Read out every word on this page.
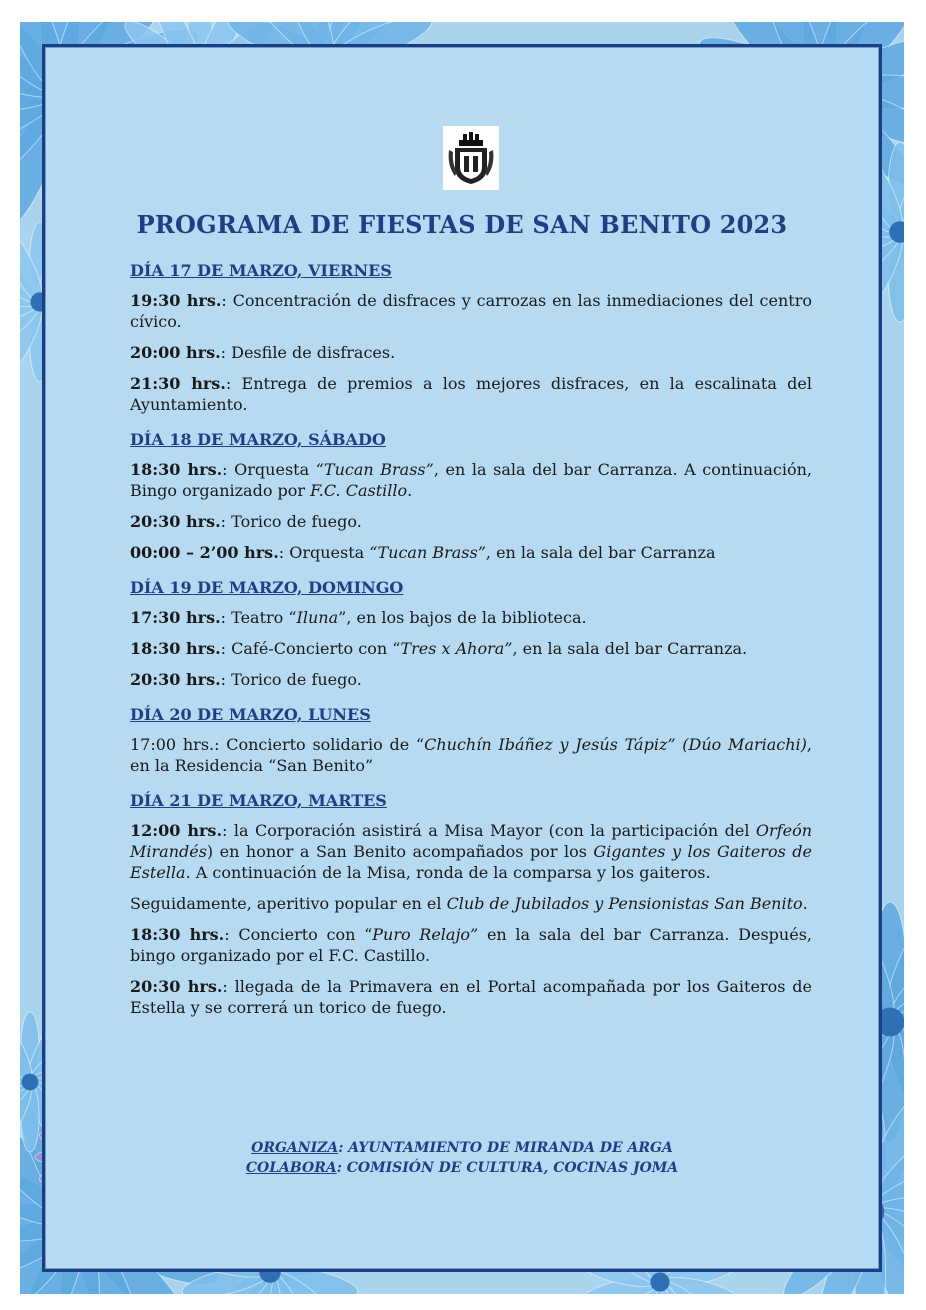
PROGRAMA DE FIESTAS DE SAN BENITO 2023
DÍA 17 DE MARZO, VIERNES

19:30 hrs.: Concentración de disfraces y carrozas en las inmediaciones del centro cívico.

20:00 hrs.: Desfile de disfraces.

21:30 hrs.: Entrega de premios a los mejores disfraces, en la escalinata del Ayuntamiento.

DÍA 18 DE MARZO, SÁBADO

18:30 hrs.: Orquesta “Tucan Brass”, en la sala del bar Carranza. A continuación, Bingo organizado por F.C. Castillo.

20:30 hrs.: Torico de fuego.

00:00 – 2’00 hrs.: Orquesta “Tucan Brass”, en la sala del bar Carranza

DÍA 19 DE MARZO, DOMINGO

17:30 hrs.: Teatro “Iluna”, en los bajos de la biblioteca.

18:30 hrs.: Café-Concierto con “Tres x Ahora”, en la sala del bar Carranza.

20:30 hrs.: Torico de fuego.

DÍA 20 DE MARZO, LUNES

17:00 hrs.: Concierto solidario de “Chuchín Ibáñez y Jesús Tápiz” (Dúo Mariachi), en la Residencia “San Benito”

DÍA 21 DE MARZO, MARTES

12:00 hrs.: la Corporación asistirá a Misa Mayor (con la participación del Orfeón Mirandés) en honor a San Benito acompañados por los Gigantes y los Gaiteros de Estella. A continuación de la Misa, ronda de la comparsa y los gaiteros.

Seguidamente, aperitivo popular en el Club de Jubilados y Pensionistas San Benito.

18:30 hrs.: Concierto con “Puro Relajo” en la sala del bar Carranza. Después, bingo organizado por el F.C. Castillo.

20:30 hrs.: llegada de la Primavera en el Portal acompañada por los Gaiteros de Estella y se correrá un torico de fuego.

ORGANIZA: AYUNTAMIENTO DE MIRANDA DE ARGA
COLABORA: COMISIÓN DE CULTURA, COCINAS JOMA
